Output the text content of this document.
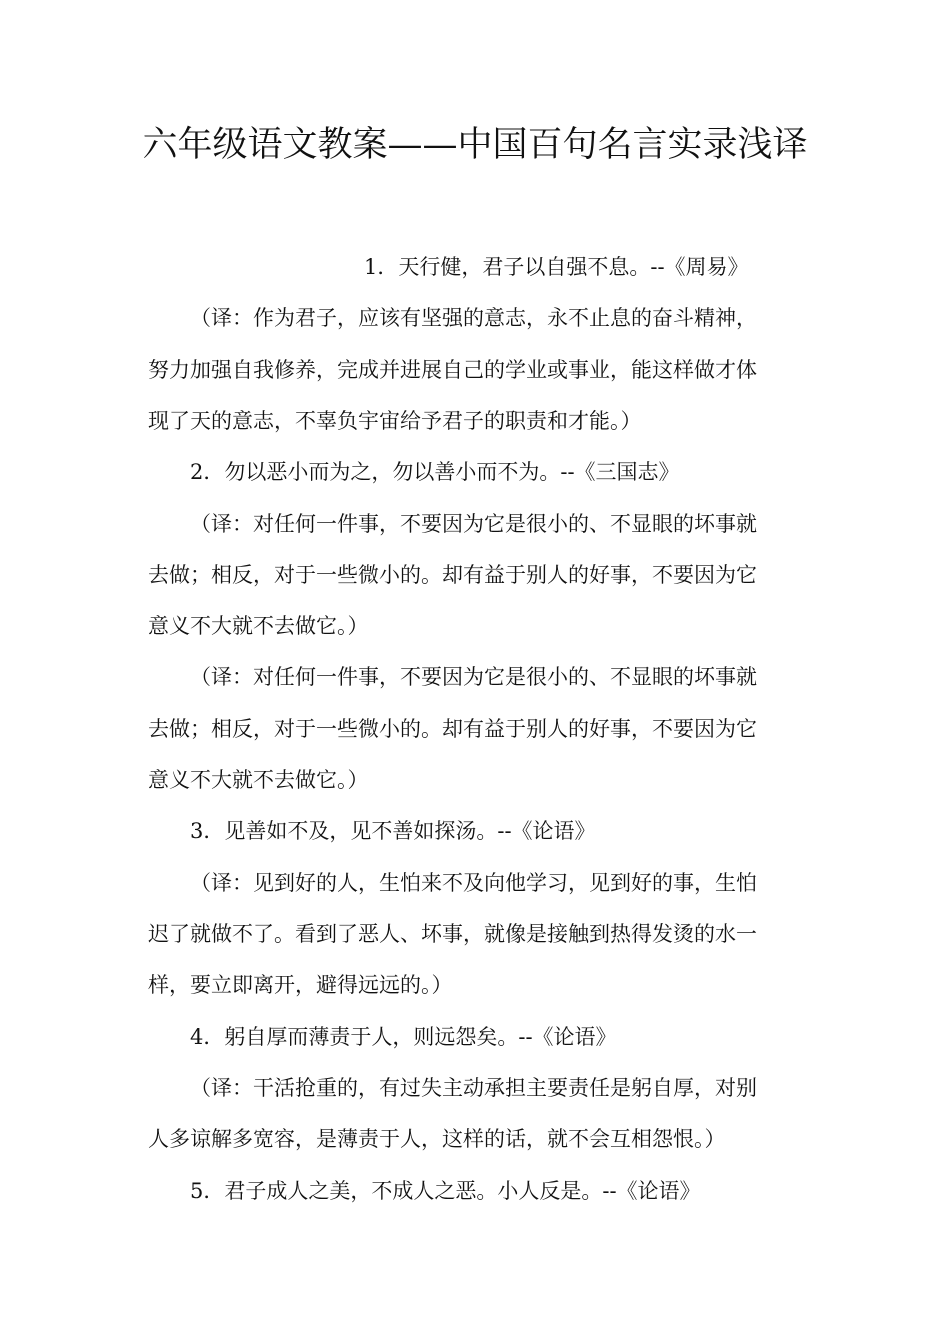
六年级语文教案——中国百句名言实录浅译
1．天行健，君子以自强不息。--《周易》
（译：作为君子，应该有坚强的意志，永不止息的奋斗精神，
努力加强自我修养，完成并进展自己的学业或事业，能这样做才体
现了天的意志，不辜负宇宙给予君子的职责和才能。）
2．勿以恶小而为之，勿以善小而不为。--《三国志》
（译：对任何一件事，不要因为它是很小的、不显眼的坏事就
去做；相反，对于一些微小的。却有益于别人的好事，不要因为它
意义不大就不去做它。）
（译：对任何一件事，不要因为它是很小的、不显眼的坏事就
去做；相反，对于一些微小的。却有益于别人的好事，不要因为它
意义不大就不去做它。）
3．见善如不及，见不善如探汤。--《论语》
（译：见到好的人，生怕来不及向他学习，见到好的事，生怕
迟了就做不了。看到了恶人、坏事，就像是接触到热得发烫的水一
样，要立即离开，避得远远的。）
4．躬自厚而薄责于人，则远怨矣。--《论语》
（译：干活抢重的，有过失主动承担主要责任是躬自厚，对别
人多谅解多宽容，是薄责于人，这样的话，就不会互相怨恨。）
5．君子成人之美，不成人之恶。小人反是。--《论语》
